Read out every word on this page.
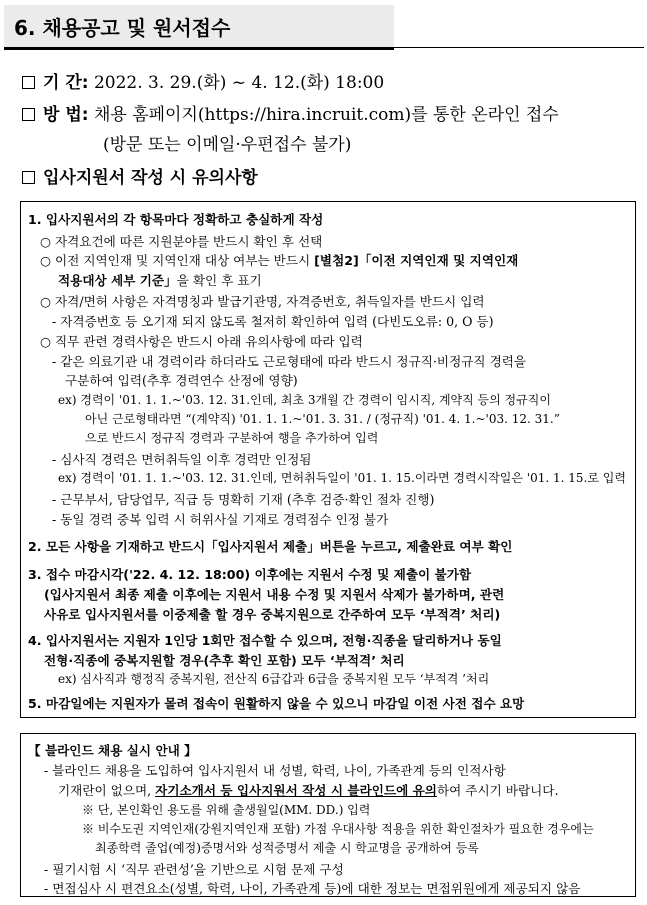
6. 채용공고 및 원서접수
기 간: 2022. 3. 29.(화) ~ 4. 12.(화) 18:00
방 법: 채용 홈페이지(https://hira.incruit.com)를 통한 온라인 접수
(방문 또는 이메일·우편접수 불가)
입사지원서 작성 시 유의사항
1. 입사지원서의 각 항목마다 정확하고 충실하게 작성
○ 자격요건에 따른 지원분야를 반드시 확인 후 선택
○ 이전 지역인재 및 지역인재 대상 여부는 반드시 [별첨2]「이전 지역인재 및 지역인재
적용대상 세부 기준」을 확인 후 표기
○ 자격/면허 사항은 자격명칭과 발급기관명, 자격증번호, 취득일자를 반드시 입력
- 자격증번호 등 오기재 되지 않도록 철저히 확인하여 입력 (다빈도오류: 0, O 등)
○ 직무 관련 경력사항은 반드시 아래 유의사항에 따라 입력
- 같은 의료기관 내 경력이라 하더라도 근로형태에 따라 반드시 정규직·비정규직 경력을
구분하여 입력(추후 경력연수 산정에 영향)
ex) 경력이 '01. 1. 1.~'03. 12. 31.인데, 최초 3개월 간 경력이 임시직, 계약직 등의 정규직이
아닌 근로형태라면 “(계약직) '01. 1. 1.~'01. 3. 31. / (정규직) '01. 4. 1.~'03. 12. 31.”
으로 반드시 정규직 경력과 구분하여 행을 추가하여 입력
- 심사직 경력은 면허취득일 이후 경력만 인정됨
ex) 경력이 '01. 1. 1.~'03. 12. 31.인데, 면허취득일이 '01. 1. 15.이라면 경력시작일은 '01. 1. 15.로 입력
- 근무부서, 담당업무, 직급 등 명확히 기재 (추후 검증·확인 절차 진행)
- 동일 경력 중복 입력 시 허위사실 기재로 경력점수 인정 불가
2. 모든 사항을 기재하고 반드시「입사지원서 제출」버튼을 누르고, 제출완료 여부 확인
3. 접수 마감시각('22. 4. 12. 18:00) 이후에는 지원서 수정 및 제출이 불가함
(입사지원서 최종 제출 이후에는 지원서 내용 수정 및 지원서 삭제가 불가하며, 관련
사유로 입사지원서를 이중제출 할 경우 중복지원으로 간주하여 모두 ‘부적격’ 처리)
4. 입사지원서는 지원자 1인당 1회만 접수할 수 있으며, 전형·직종을 달리하거나 동일
전형·직종에 중복지원할 경우(추후 확인 포함) 모두 ‘부적격’ 처리
ex) 심사직과 행정직 중복지원, 전산직 6급갑과 6급을 중복지원 모두 ‘부적격 ’처리
5. 마감일에는 지원자가 몰려 접속이 원활하지 않을 수 있으니 마감일 이전 사전 접수 요망
【 블라인드 채용 실시 안내 】
- 블라인드 채용을 도입하여 입사지원서 내 성별, 학력, 나이, 가족관계 등의 인적사항
기재란이 없으며, 자기소개서 등 입사지원서 작성 시 블라인드에 유의하여 주시기 바랍니다.
※ 단, 본인확인 용도를 위해 출생월일(MM. DD.) 입력
※ 비수도권 지역인재(강원지역인재 포함) 가점 우대사항 적용을 위한 확인절차가 필요한 경우에는
최종학력 졸업(예정)증명서와 성적증명서 제출 시 학교명을 공개하여 등록
- 필기시험 시 ‘직무 관련성’을 기반으로 시험 문제 구성
- 면접심사 시 편견요소(성별, 학력, 나이, 가족관계 등)에 대한 정보는 면접위원에게 제공되지 않음
